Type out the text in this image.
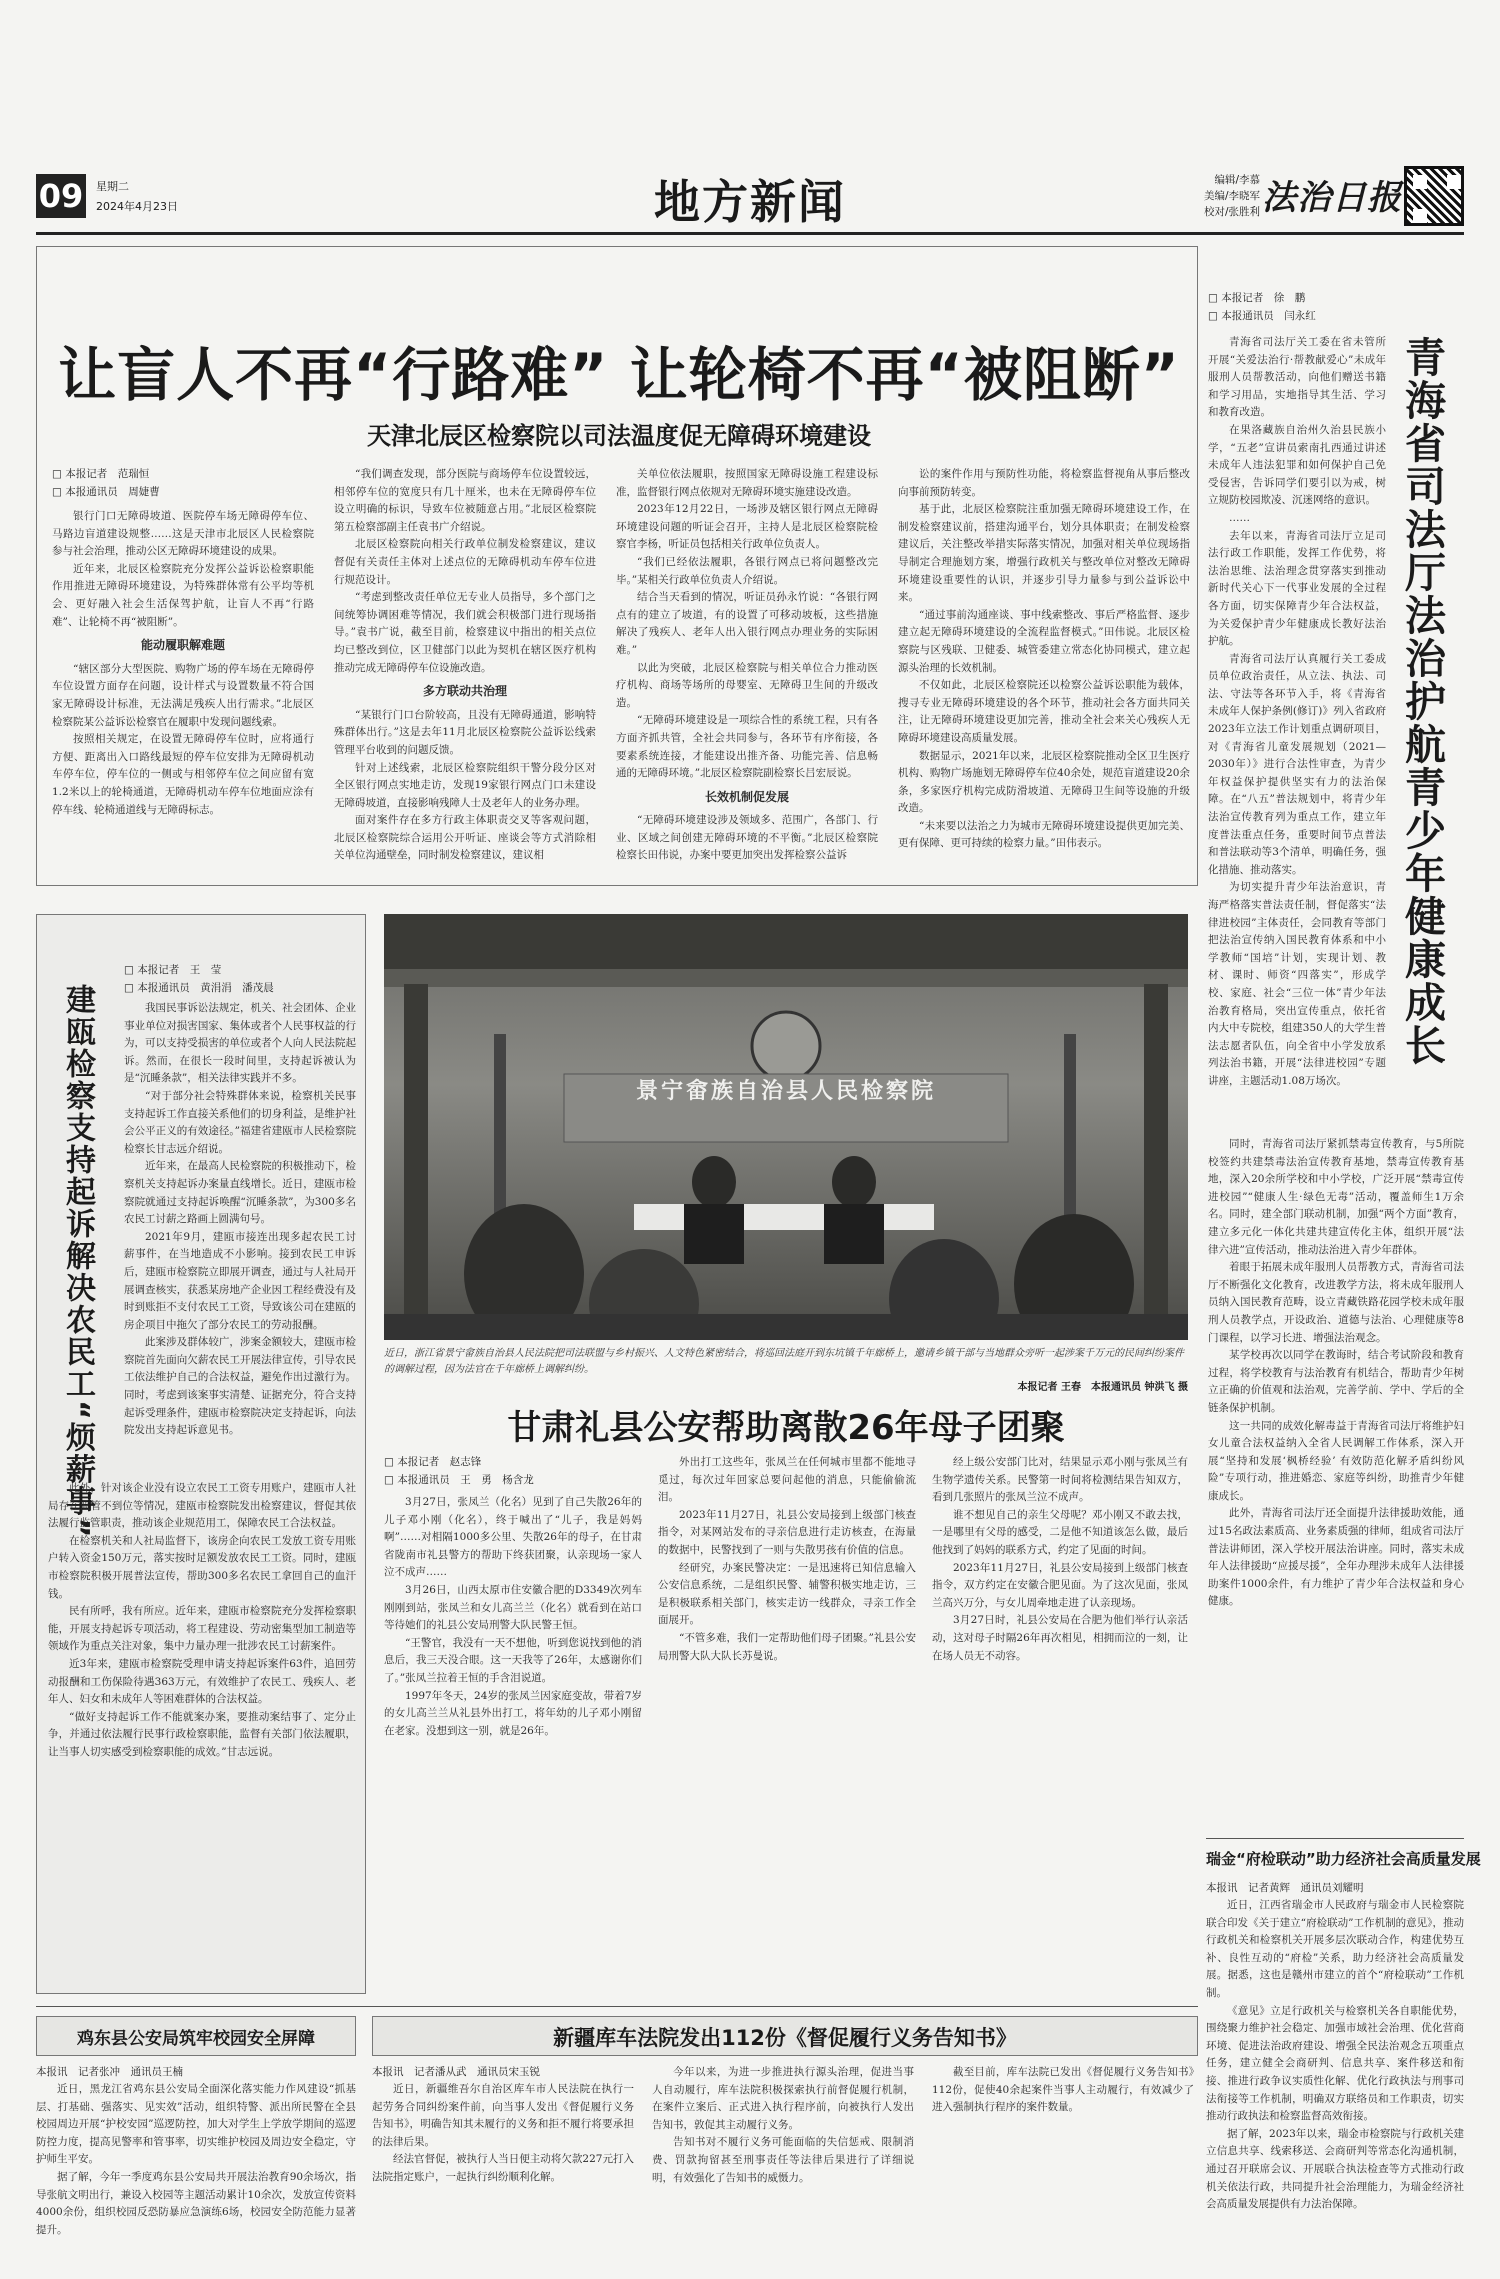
09 星期二
2024年4月23日	地方新闻	编辑/李慕
美编/李晓军
校对/张胜利 法治日报
让盲人不再“行路难” 让轮椅不再“被阻断”
天津北辰区检察院以司法温度促无障碍环境建设
□ 本报记者　范瑞恒
□ 本报通讯员　周婕曹

银行门口无障碍坡道、医院停车场无障碍停车位、马路边盲道建设规整……这是天津市北辰区人民检察院参与社会治理，推动公区无障碍环境建设的成果。

近年来，北辰区检察院充分发挥公益诉讼检察职能作用推进无障碍环境建设，为特殊群体常有公平均等机会、更好融入社会生活保驾护航，让盲人不再“行路难”、让轮椅不再“被阻断”。

能动履职解难题

“辖区部分大型医院、购物广场的停车场在无障碍停车位设置方面存在问题，设计样式与设置数量不符合国家无障碍设计标准，无法满足残疾人出行需求。”北辰区检察院某公益诉讼检察官在履职中发现问题线索。

按照相关规定，在设置无障碍停车位时，应将通行方便、距离出入口路线最短的停车位安排为无障碍机动车停车位，停车位的一侧或与相邻停车位之间应留有宽1.2米以上的轮椅通道，无障碍机动车停车位地面应涂有停车线、轮椅通道线与无障碍标志。

“我们调查发现，部分医院与商场停车位设置较远，相邻停车位的宽度只有几十厘米，也未在无障碍停车位设立明确的标识，导致车位被随意占用。”北辰区检察院第五检察部副主任袁书广介绍说。

北辰区检察院向相关行政单位制发检察建议，建议督促有关责任主体对上述点位的无障碍机动车停车位进行规范设计。

“考虑到整改责任单位无专业人员指导，多个部门之间统筹协调困难等情况，我们就会积极部门进行现场指导。”袁书广说，截至目前，检察建议中指出的相关点位均已整改到位，区卫健部门以此为契机在辖区医疗机构推动完成无障碍停车位设施改造。

多方联动共治理

“某银行门口台阶较高，且没有无障碍通道，影响特殊群体出行。”这是去年11月北辰区检察院公益诉讼线索管理平台收到的问题反馈。

针对上述线索，北辰区检察院组织干警分段分区对全区银行网点实地走访，发现19家银行网点门口未建设无障碍坡道，直接影响残障人士及老年人的业务办理。

面对案件存在多方行政主体职责交叉等客观问题，北辰区检察院综合运用公开听证、座谈会等方式消除相关单位沟通壁垒，同时制发检察建议，建议相

关单位依法履职，按照国家无障碍设施工程建设标准，监督银行网点依规对无障碍环境实施建设改造。

2023年12月22日，一场涉及辖区银行网点无障碍环境建设问题的听证会召开，主持人是北辰区检察院检察官李杨，听证员包括相关行政单位负责人。

“我们已经依法履职，各银行网点已将问题整改完毕。”某相关行政单位负责人介绍说。

结合当天看到的情况，听证员孙永竹说：“各银行网点有的建立了坡道，有的设置了可移动坡板，这些措施解决了残疾人、老年人出入银行网点办理业务的实际困难。”

以此为突破，北辰区检察院与相关单位合力推动医疗机构、商场等场所的母婴室、无障碍卫生间的升级改造。

“无障碍环境建设是一项综合性的系统工程，只有各方面齐抓共管，全社会共同参与，各环节有序衔接，各要素系统连接，才能建设出推齐备、功能完善、信息畅通的无障碍环境。”北辰区检察院副检察长吕宏辰说。

长效机制促发展

“无障碍环境建设涉及领域多、范围广，各部门、行业、区域之间创建无障碍环境的不平衡。”北辰区检察院检察长田伟说，办案中要更加突出发挥检察公益诉

讼的案件作用与预防性功能，将检察监督视角从事后整改向事前预防转变。

基于此，北辰区检察院注重加强无障碍环境建设工作，在制发检察建议前，搭建沟通平台，划分具体职责；在制发检察建议后，关注整改举措实际落实情况，加强对相关单位现场指导制定合理施划方案，增强行政机关与整改单位对整改无障碍环境建设重要性的认识，并逐步引导力量参与到公益诉讼中来。

“通过事前沟通座谈、事中线索整改、事后严格监督、逐步建立起无障碍环境建设的全流程监督模式。”田伟说。北辰区检察院与区残联、卫健委、城管委建立常态化协同模式，建立起源头治理的长效机制。

不仅如此，北辰区检察院还以检察公益诉讼职能为载体，搜寻专业无障碍环境建设的各个环节，推动社会各方面共同关注，让无障碍环境建设更加完善，推动全社会来关心残疾人无障碍环境建设高质量发展。

数据显示，2021年以来，北辰区检察院推动全区卫生医疗机构、购物广场施划无障碍停车位40余处，规范盲道建设20余条，多家医疗机构完成防滑坡道、无障碍卫生间等设施的升级改造。

“未来要以法治之力为城市无障碍环境建设提供更加完美、更有保障、更可持续的检察力量。”田伟表示。

□ 本报记者　徐　鹏
□ 本报通讯员　闫永红
青海省司法厅法治护航青少年健康成长

青海省司法厅关工委在省未管所开展“关爱法治行·帮教献爱心”未成年服刑人员帮教活动，向他们赠送书籍和学习用品，实地指导其生活、学习和教育改造。

在果洛藏族自治州久治县民族小学，“五老”宣讲员索南扎西通过讲述未成年人违法犯罪和如何保护自己免受侵害，告诉同学们要引以为戒，树立规防校园欺凌、沉迷网络的意识。

……

去年以来，青海省司法厅立足司法行政工作职能，发挥工作优势，将法治思维、法治理念贯穿落实到推动新时代关心下一代事业发展的全过程各方面，切实保障青少年合法权益，为关爱保护青少年健康成长教好法治护航。

青海省司法厅认真履行关工委成员单位政治责任，从立法、执法、司法、守法等各环节入手，将《青海省未成年人保护条例(修订)》列入省政府2023年立法工作计划重点调研项目，对《青海省儿童发展规划（2021—2030年）》进行合法性审查，为青少年权益保护提供坚实有力的法治保障。在“八五”普法规划中，将青少年法治宣传教育列为重点工作，建立年度普法重点任务，重要时间节点普法和普法联动等3个清单，明确任务，强化措施、推动落实。

为切实提升青少年法治意识，青海严格落实普法责任制，督促落实“法律进校园”主体责任，会同教育等部门把法治宣传纳入国民教育体系和中小学教师“国培”计划，实现计划、教材、课时、师资“四落实”，形成学校、家庭、社会“三位一体”青少年法治教育格局，突出宣传重点，依托省内大中专院校，组建350人的大学生普法志愿者队伍，向全省中小学发放系列法治书籍，开展“法律进校园”专题讲座，主题活动1.08万场次。

同时，青海省司法厅紧抓禁毒宣传教育，与5所院校签约共建禁毒法治宣传教育基地，禁毒宣传教育基地，深入20余所学校和中小学校，广泛开展“禁毒宣传进校园”“健康人生·绿色无毒”活动，覆盖师生1万余名。同时，建全部门联动机制，加强“两个方面”教育，建立多元化一体化共建共建宣传化主体，组织开展“法律六进”宣传活动，推动法治进入青少年群体。

着眼于拓展未成年服刑人员帮教方式，青海省司法厅不断强化文化教育，改进教学方法，将未成年服刑人员纳入国民教育范畴，设立青藏铁路花园学校未成年服刑人员教学点，开设政治、道德与法治、心理健康等8门课程，以学习长进、增强法治观念。

某学校再次以同学在教诲时，结合考试阶段和教育过程，将学校教育与法治教育有机结合，帮助青少年树立正确的价值观和法治观，完善学前、学中、学后的全链条保护机制。

这一共同的成效化解毒益于青海省司法厅将维护妇女儿童合法权益纳入全省人民调解工作体系，深入开展“坚持和发展‘枫桥经验’ 有效防范化解矛盾纠纷风险”专项行动，推进婚恋、家庭等纠纷，助推青少年健康成长。

此外，青海省司法厅还全面提升法律援助效能，通过15名政法素质高、业务素质强的律师，组成省司法厅普法讲师团，深入学校开展法治讲座。同时，落实未成年人法律援助“应援尽援”，全年办理涉未成年人法律援助案件1000余件，有力维护了青少年合法权益和身心健康。

瑞金“府检联动”助力经济社会高质量发展
本报讯　记者黄辉　通讯员刘耀明

近日，江西省瑞金市人民政府与瑞金市人民检察院联合印发《关于建立“府检联动”工作机制的意见》，推动行政机关和检察机关开展多层次联动合作，构建优势互补、良性互动的“府检”关系，助力经济社会高质量发展。据悉，这也是赣州市建立的首个“府检联动”工作机制。

《意见》立足行政机关与检察机关各自职能优势，围绕聚力维护社会稳定、加强市域社会治理、优化营商环境、促进法治政府建设、增强全民法治观念五项重点任务，建立健全会商研判、信息共享、案件移送和衔接、推进行政争议实质性化解、优化行政执法与刑事司法衔接等工作机制，明确双方联络员和工作职责，切实推动行政执法和检察监督高效衔接。

据了解，2023年以来，瑞金市检察院与行政机关建立信息共享、线索移送、会商研判等常态化沟通机制，通过召开联席会议、开展联合执法检查等方式推动行政机关依法行政，共同提升社会治理能力，为瑞金经济社会高质量发展提供有力法治保障。

□ 本报记者　王　莹
□ 本报通讯员　黄涓涓　潘茂晨
建瓯检察支持起诉解决农民工“烦薪事”	我国民事诉讼法规定，机关、社会团体、企业事业单位对损害国家、集体或者个人民事权益的行为，可以支持受损害的单位或者个人向人民法院起诉。然而，在很长一段时间里，支持起诉被认为是“沉睡条款”，相关法律实践并不多。

“对于部分社会特殊群体来说，检察机关民事支持起诉工作直接关系他们的切身利益，是维护社会公平正义的有效途径。”福建省建瓯市人民检察院检察长甘志远介绍说。

近年来，在最高人民检察院的积极推动下，检察机关支持起诉办案量直线增长。近日，建瓯市检察院就通过支持起诉唤醒“沉睡条款”，为300多名农民工讨薪之路画上圆满句号。

2021年9月，建瓯市接连出现多起农民工讨薪事件，在当地造成不小影响。接到农民工申诉后，建瓯市检察院立即展开调查，通过与人社局开展调查核实，获悉某房地产企业因工程经费没有及时到账拒不支付农民工工资，导致该公司在建瓯的房企项目中拖欠了部分农民工的劳动报酬。

此案涉及群体较广，涉案金额较大，建瓯市检察院首先面向欠薪农民工开展法律宣传，引导农民工依法维护自己的合法权益，避免作出过激行为。同时，考虑到该案事实清楚、证据充分，符合支持起诉受理条件，建瓯市检察院决定支持起诉，向法院发出支持起诉意见书。

此外，针对该企业没有设立农民工工资专用账户，建瓯市人社局存在监管不到位等情况，建瓯市检察院发出检察建议，督促其依法履行监管职责，推动该企业规范用工，保障农民工合法权益。

在检察机关和人社局监督下，该房企向农民工发放工资专用账户转入资金150万元，落实按时足额发放农民工工资。同时，建瓯市检察院积极开展普法宣传，帮助300多名农民工拿回自己的血汗钱。

民有所呼，我有所应。近年来，建瓯市检察院充分发挥检察职能，开展支持起诉专项活动，将工程建设、劳动密集型加工制造等领域作为重点关注对象，集中力量办理一批涉农民工讨薪案件。

近3年来，建瓯市检察院受理申请支持起诉案件63件，追回劳动报酬和工伤保险待遇363万元，有效维护了农民工、残疾人、老年人、妇女和未成年人等困难群体的合法权益。

“做好支持起诉工作不能就案办案，要推动案结事了、定分止争，并通过依法履行民事行政检察职能，监督有关部门依法履职，让当事人切实感受到检察职能的成效。”甘志远说。

景宁畲族自治县人民检察院
近日，浙江省景宁畲族自治县人民法院把司法联盟与乡村振兴、人文特色紧密结合，将巡回法庭开到东坑镇千年廊桥上，邀请乡镇干部与当地群众旁听一起涉案千万元的民间纠纷案件的调解过程，因为法官在千年廊桥上调解纠纷。
本报记者 王春　本报通讯员 钟洪飞 摄
甘肃礼县公安帮助离散26年母子团聚
□ 本报记者　赵志锋
□ 本报通讯员　王　勇　杨含龙

3月27日，张凤兰（化名）见到了自己失散26年的儿子邓小刚（化名），终于喊出了“儿子，我是妈妈啊”……对相隔1000多公里、失散26年的母子，在甘肃省陇南市礼县警方的帮助下终获团聚，认亲现场一家人泣不成声……

3月26日，山西太原市住安徽合肥的D3349次列车刚刚到站，张凤兰和女儿高兰兰（化名）就看到在站口等待她们的礼县公安局刑警大队民警王恒。

“王警官，我没有一天不想他，听到您说找到他的消息后，我三天没合眼。这一天我等了26年，太感谢你们了。”张凤兰拉着王恒的手含泪说道。

1997年冬天，24岁的张凤兰因家庭变故，带着7岁的女儿高兰兰从礼县外出打工，将年幼的儿子邓小刚留在老家。没想到这一别，就是26年。

外出打工这些年，张凤兰在任何城市里都不能地寻觅过，每次过年回家总要问起他的消息，只能偷偷流泪。

2023年11月27日，礼县公安局接到上级部门核查指令，对某网站发布的寻亲信息进行走访核查，在海量的数据中，民警找到了一则与失散男孩有价值的信息。

经研究，办案民警决定：一是迅速将已知信息输入公安信息系统，二是组织民警、辅警积极实地走访，三是积极联系相关部门，核实走访一线群众，寻亲工作全面展开。

“不管多难，我们一定帮助他们母子团聚。”礼县公安局刑警大队大队长苏曼说。

经上级公安部门比对，结果显示邓小刚与张凤兰有生物学遗传关系。民警第一时间将检测结果告知双方，看到几张照片的张凤兰泣不成声。

谁不想见自己的亲生父母呢？邓小刚又不敢去找，一是哪里有父母的感受，二是他不知道该怎么做，最后他找到了妈妈的联系方式，约定了见面的时间。

2023年11月27日，礼县公安局接到上级部门核查指令，双方约定在安徽合肥见面。为了这次见面，张凤兰高兴万分，与女儿周牵地走进了认亲现场。

3月27日时，礼县公安局在合肥为他们举行认亲活动，这对母子时隔26年再次相见，相拥而泣的一刻，让在场人员无不动容。

鸡东县公安局筑牢校园安全屏障
本报讯　记者张冲　通讯员王楠

近日，黑龙江省鸡东县公安局全面深化落实能力作风建设“抓基层、打基础、强落实、见实效”活动，组织特警、派出所民警在全县校园周边开展“护校安园”巡逻防控，加大对学生上学放学期间的巡逻防控力度，提高见警率和管事率，切实维护校园及周边安全稳定，守护师生平安。

据了解，今年一季度鸡东县公安局共开展法治教育90余场次，指导张航文明出行，兼设入校园等主题活动累计10余次，发放宣传资料4000余份，组织校园反恐防暴应急演练6场，校园安全防范能力显著提升。

新疆库车法院发出112份《督促履行义务告知书》
本报讯　记者潘从武　通讯员宋玉锐

近日，新疆维吾尔自治区库车市人民法院在执行一起劳务合同纠纷案件前，向当事人发出《督促履行义务告知书》，明确告知其未履行的义务和拒不履行将要承担的法律后果。

经法官督促，被执行人当日便主动将欠款227元打入法院指定账户，一起执行纠纷顺利化解。

今年以来，为进一步推进执行源头治理，促进当事人自动履行，库车法院积极探索执行前督促履行机制，在案件立案后、正式进入执行程序前，向被执行人发出告知书，敦促其主动履行义务。

告知书对不履行义务可能面临的失信惩戒、限制消费、罚款拘留甚至刑事责任等法律后果进行了详细说明，有效强化了告知书的威慑力。

截至目前，库车法院已发出《督促履行义务告知书》112份，促使40余起案件当事人主动履行，有效减少了进入强制执行程序的案件数量。
